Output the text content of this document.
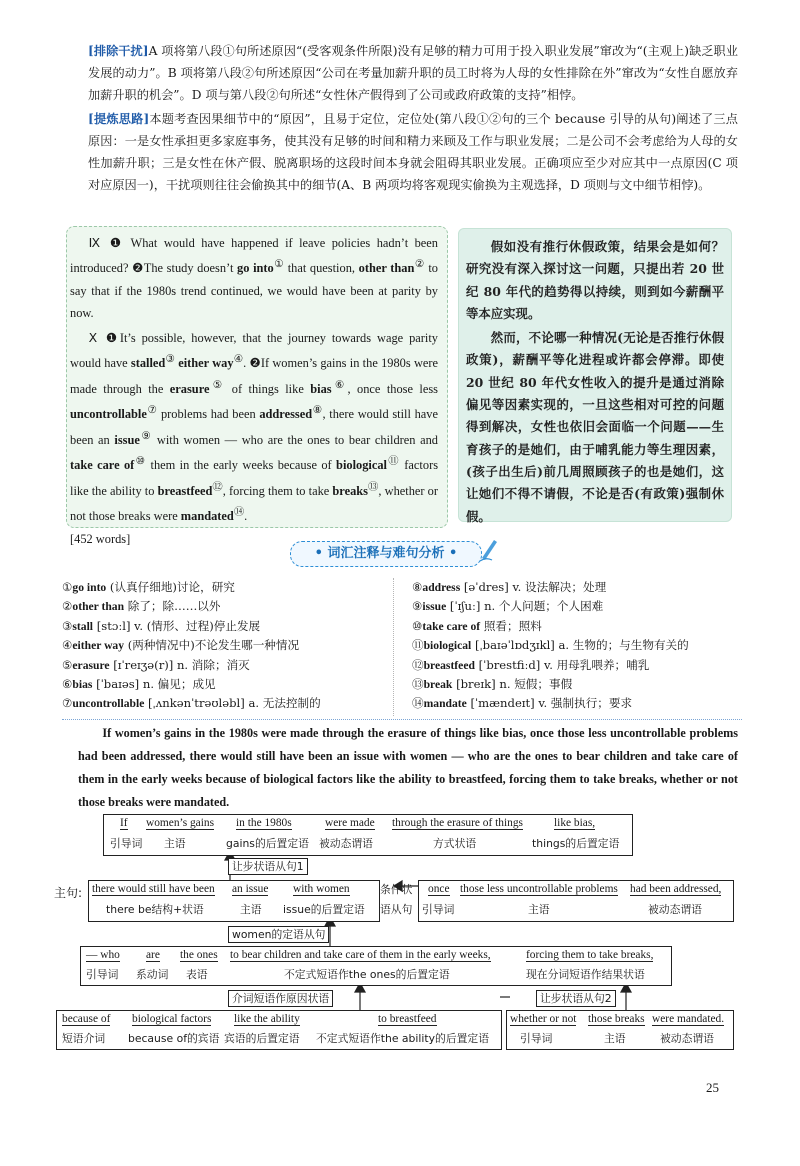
[排除干扰]A 项将第八段①句所述原因“(受客观条件所限)没有足够的精力可用于投入职业发展”窜改为“(主观上)缺乏职业发展的动力”。B 项将第八段②句所述原因“公司在考量加薪升职的员工时将为人母的女性排除在外”窜改为“女性自愿放弃加薪升职的机会”。D 项与第八段②句所述“女性休产假得到了公司或政府政策的支持”相悖。

[提炼思路]本题考查因果细节中的“原因”，且易于定位，定位处(第八段①②句的三个 because 引导的从句)阐述了三点原因：一是女性承担更多家庭事务，使其没有足够的时间和精力来顾及工作与职业发展；二是公司不会考虑给为人母的女性加薪升职；三是女性在休产假、脱离职场的这段时间本身就会阻碍其职业发展。正确项应至少对应其中一点原因(C 项对应原因一)，干扰项则往往会偷换其中的细节(A、B 两项均将客观现实偷换为主观选择，D 项则与文中细节相悖)。

Ⅸ ❶ What would have happened if leave policies hadn’t been introduced? ❷The study doesn’t go into① that question, other than② to say that if the 1980s trend continued, we would have been at parity by now.

Ⅹ ❶It’s possible, however, that the journey towards wage parity would have stalled③ either way④. ❷If women’s gains in the 1980s were made through the erasure⑤ of things like bias⑥, once those less uncontrollable⑦ problems had been addressed⑧, there would still have been an issue⑨ with women — who are the ones to bear children and take care of⑩ them in the early weeks because of biological⑪ factors like the ability to breastfeed⑫, forcing them to take breaks⑬, whether or not those breaks were mandated⑭.
[452 words]

假如没有推行休假政策，结果会是如何？研究没有深入探讨这一问题，只提出若 20 世纪 80 年代的趋势得以持续，则到如今薪酬平等本应实现。

然而，不论哪一种情况(无论是否推行休假政策)，薪酬平等化进程或许都会停滞。即使 20 世纪 80 年代女性收入的提升是通过消除偏见等因素实现的，一旦这些相对可控的问题得到解决，女性也依旧会面临一个问题——生育孩子的是她们，由于哺乳能力等生理因素，(孩子出生后)前几周照顾孩子的也是她们，这让她们不得不请假，不论是否(有政策)强制休假。

• 词汇注释与难句分析 •
①go into (认真仔细地)讨论，研究
②other than 除了；除……以外
③stall [stɔːl] v. (情形、过程)停止发展
④either way (两种情况中)不论发生哪一种情况
⑤erasure [ɪˈreɪʒə(r)] n. 消除；消灭
⑥bias [ˈbaɪəs] n. 偏见；成见
⑦uncontrollable [ˌʌnkənˈtrəʊləbl] a. 无法控制的
⑧address [əˈdres] v. 设法解决；处理
⑨issue [ˈɪʃuː] n. 个人问题；个人困难
⑩take care of 照看；照料
⑪biological [ˌbaɪəˈlɒdʒɪkl] a. 生物的；与生物有关的
⑫breastfeed [ˈbrestfiːd] v. 用母乳喂养；哺乳
⑬break [breɪk] n. 短假；事假
⑭mandate [ˈmændeɪt] v. 强制执行；要求
If women’s gains in the 1980s were made through the erasure of things like bias, once those less uncontrollable problems had been addressed, there would still have been an issue with women — who are the ones to bear children and take care of them in the early weeks because of biological factors like the ability to breastfeed, forcing them to take breaks, whether or not those breaks were mandated.
If
引导词
women’s gains
主语
in the 1980s
gains的后置定语
were made
被动态谓语
through the erasure of things
方式状语
like bias,
things的后置定语
让步状语从句1
主句: there would still have been
there be结构+状语
an issue
主语
with women
issue的后置定语
条件状
语从句
once
引导词
those less uncontrollable problems
主语
had been addressed,
被动态谓语
women的定语从句
— who
引导词
are
系动词
the ones
表语
to bear children and take care of them in the early weeks,
不定式短语作the ones的后置定语
forcing them to take breaks,
现在分词短语作结果状语
介词短语作原因状语	让步状语从句2
because of
短语介词
biological factors
because of的宾语
like the ability
宾语的后置定语
to breastfeed
不定式短语作the ability的后置定语
whether or not
引导词
those breaks
主语
were mandated.
被动态谓语
25
